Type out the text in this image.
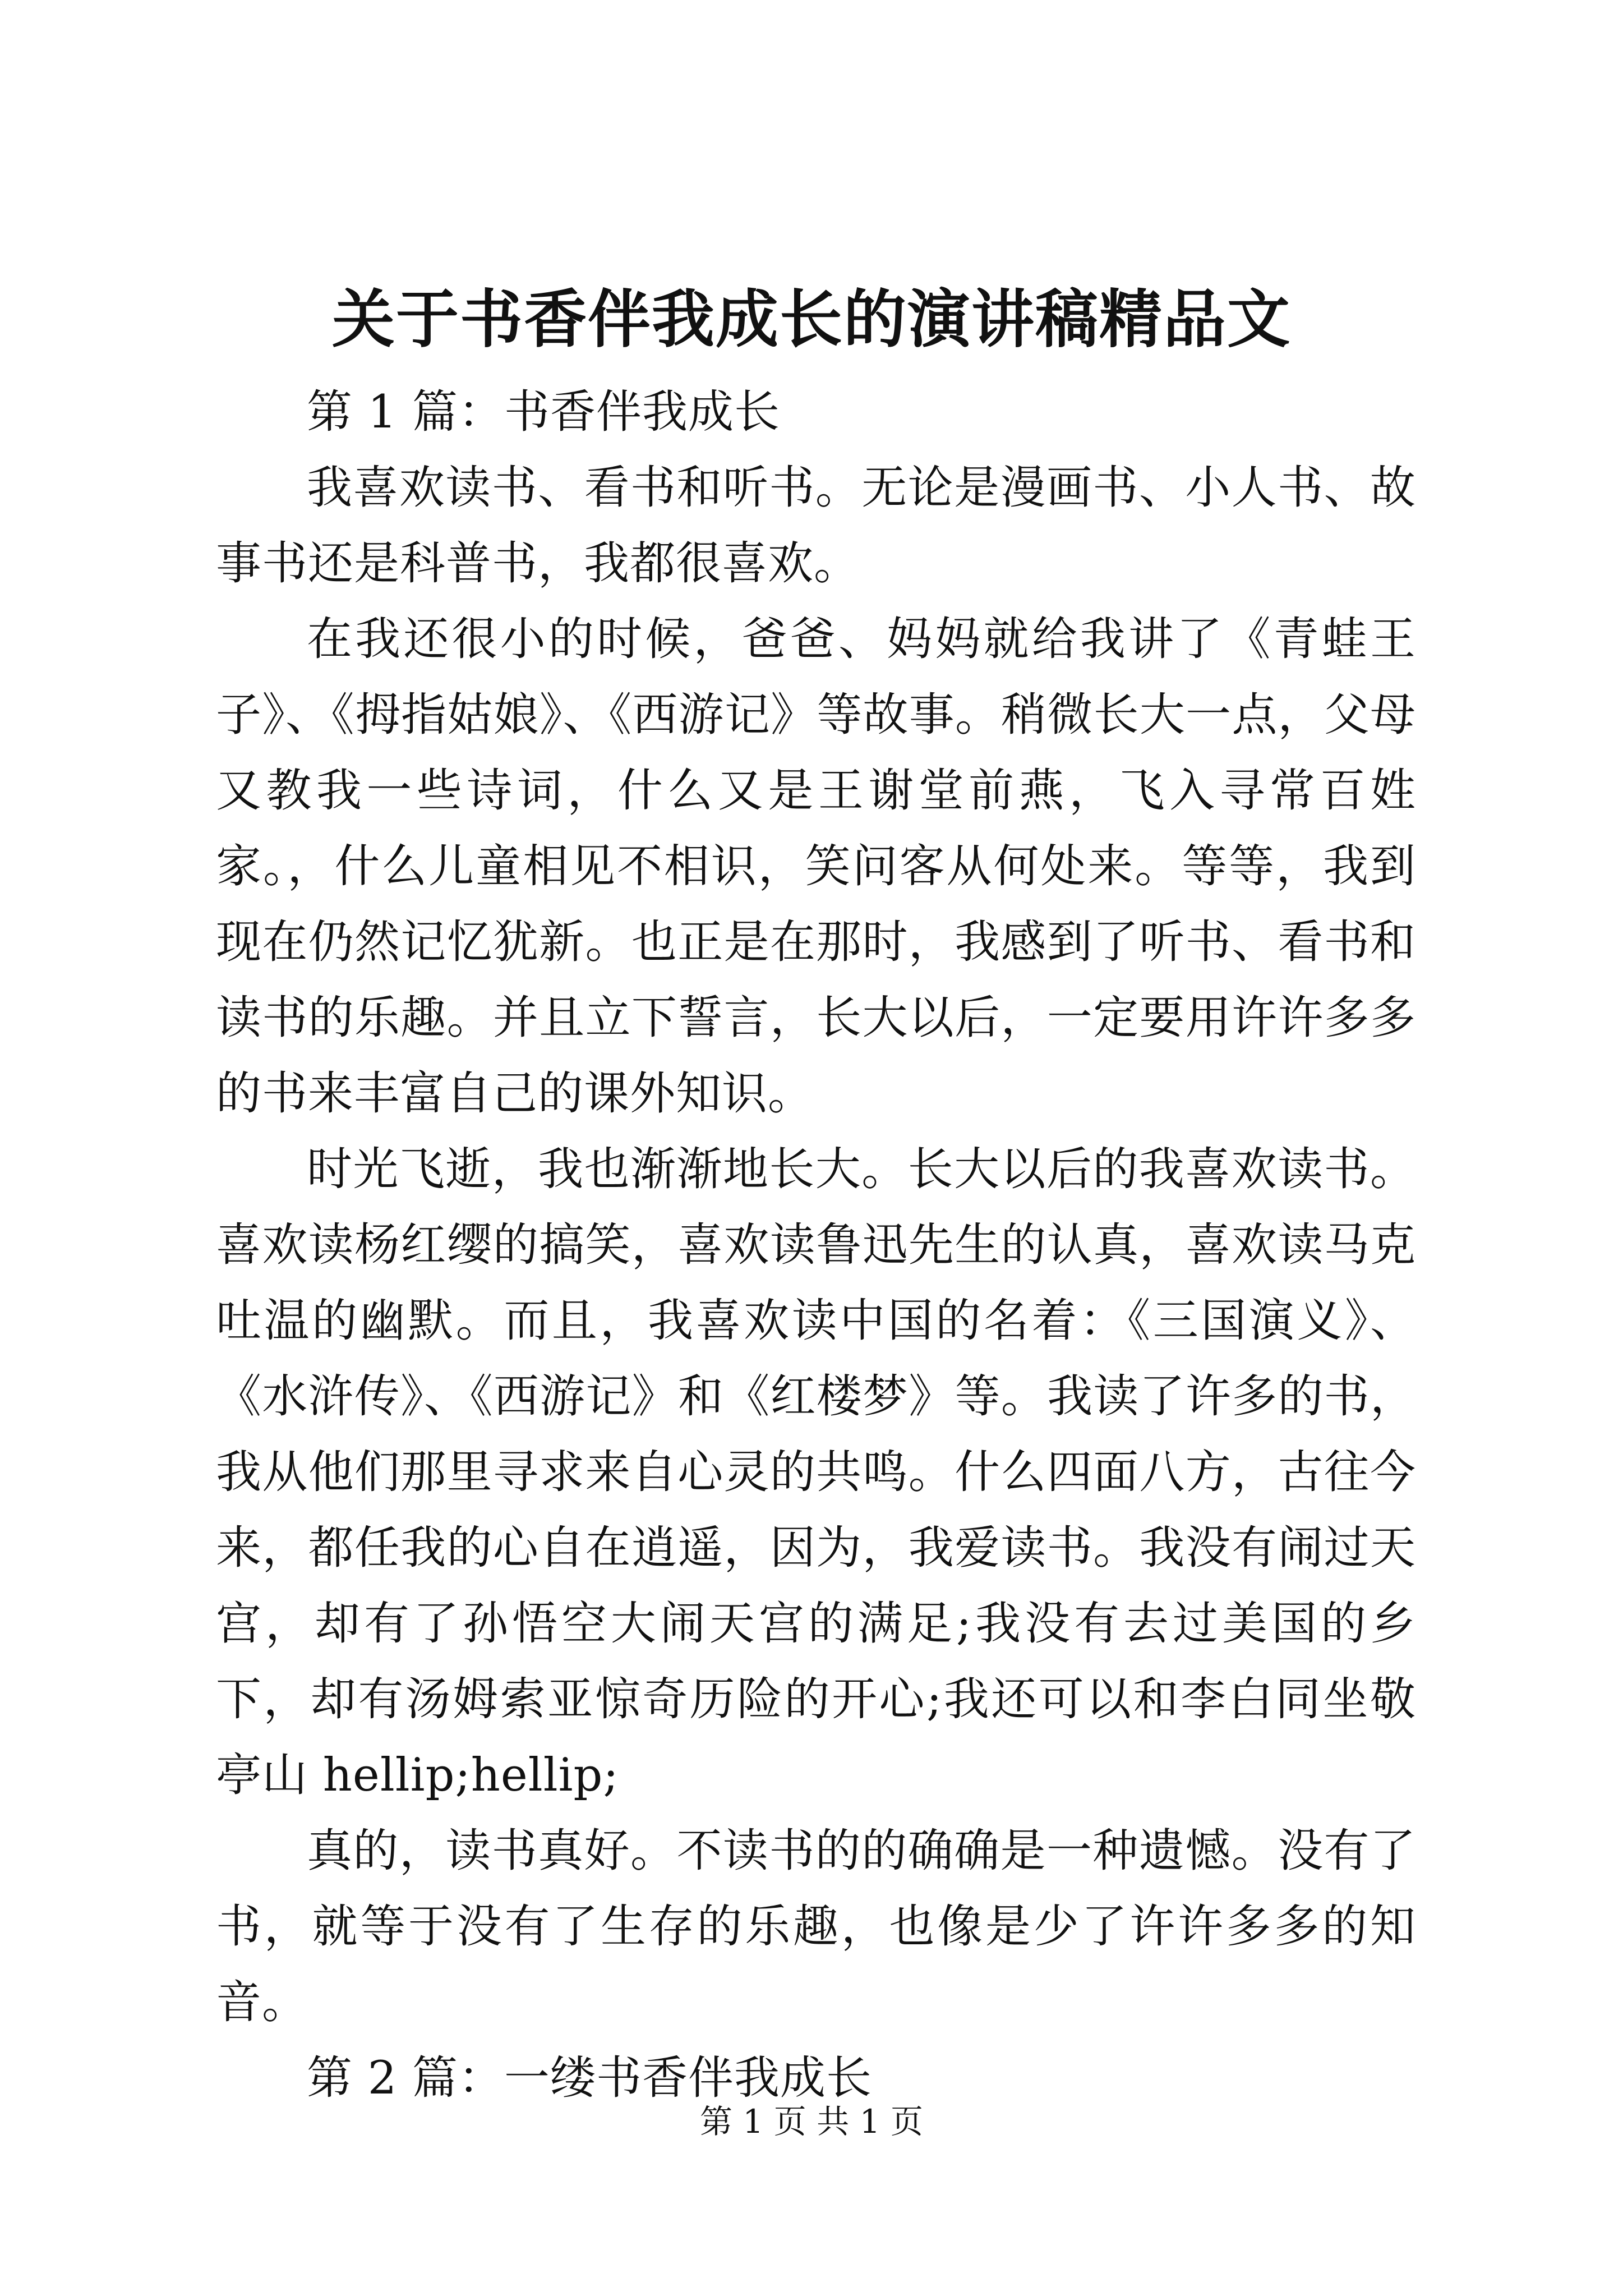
关于书香伴我成长的演讲稿精品文

第 1 篇：书香伴我成长

我喜欢读书、看书和听书。无论是漫画书、小人书、故事书还是科普书，我都很喜欢。

在我还很小的时候，爸爸、妈妈就给我讲了《青蛙王子》、《拇指姑娘》、《西游记》等故事。稍微长大一点，父母又教我一些诗词，什么又是王谢堂前燕，飞入寻常百姓家。，什么儿童相见不相识，笑问客从何处来。等等，我到现在仍然记忆犹新。也正是在那时，我感到了听书、看书和读书的乐趣。并且立下誓言，长大以后，一定要用许许多多的书来丰富自己的课外知识。

时光飞逝，我也渐渐地长大。长大以后的我喜欢读书。喜欢读杨红缨的搞笑，喜欢读鲁迅先生的认真，喜欢读马克吐温的幽默。而且，我喜欢读中国的名着：《三国演义》、《水浒传》、《西游记》和《红楼梦》等。我读了许多的书，我从他们那里寻求来自心灵的共鸣。什么四面八方，古往今来，都任我的心自在逍遥，因为，我爱读书。我没有闹过天宫，却有了孙悟空大闹天宫的满足;我没有去过美国的乡下，却有汤姆索亚惊奇历险的开心;我还可以和李白同坐敬亭山 hellip;hellip;

真的，读书真好。不读书的的确确是一种遗憾。没有了书，就等于没有了生存的乐趣，也像是少了许许多多的知音。

第 2 篇：一缕书香伴我成长

第 1 页 共 1 页
